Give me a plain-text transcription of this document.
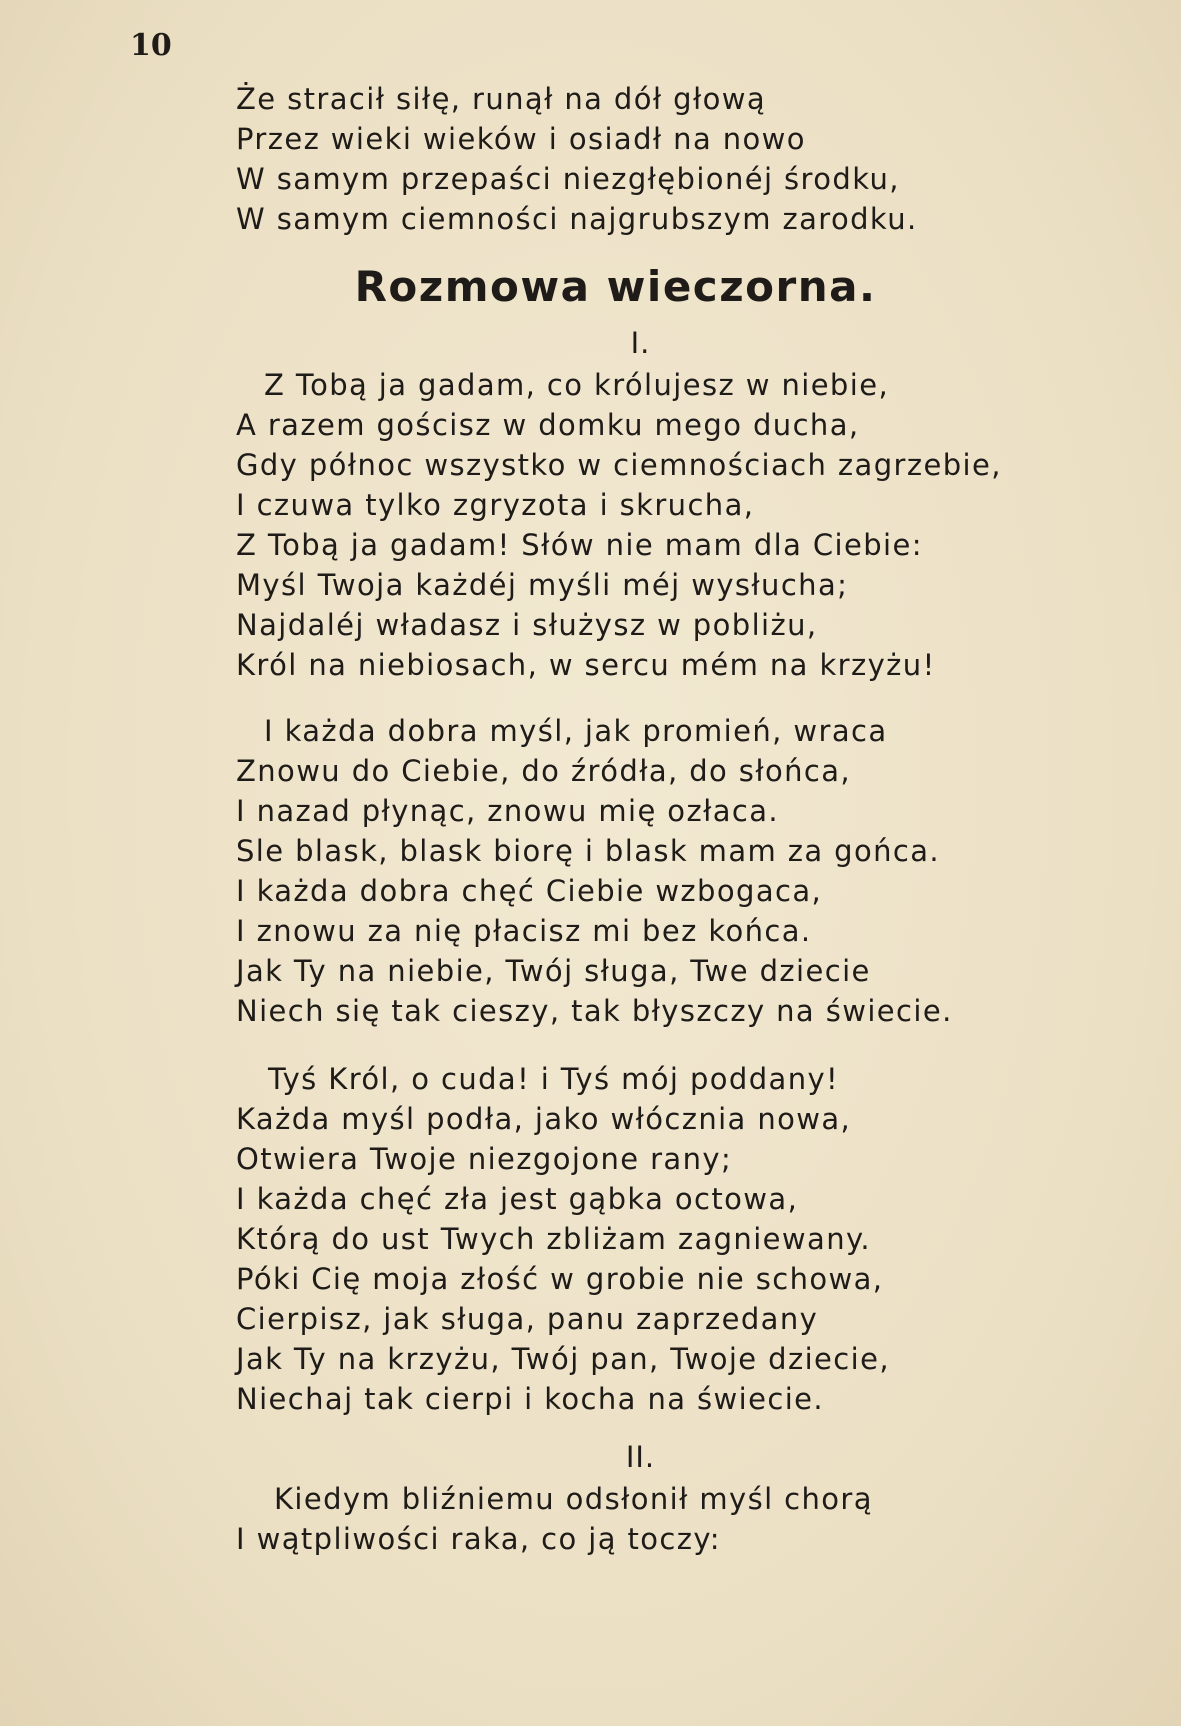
10
Że stracił siłę, runął na dół głową
Przez wieki wieków i osiadł na nowo
W samym przepaści niezgłębionéj środku,
W samym ciemności najgrubszym zarodku.
Rozmowa wieczorna.
I.
Z Tobą ja gadam, co królujesz w niebie,
A razem gościsz w domku mego ducha,
Gdy północ wszystko w ciemnościach zagrzebie,
I czuwa tylko zgryzota i skrucha,
Z Tobą ja gadam! Słów nie mam dla Ciebie:
Myśl Twoja każdéj myśli méj wysłucha;
Najdaléj władasz i służysz w pobliżu,
Król na niebiosach, w sercu mém na krzyżu!
I każda dobra myśl, jak promień, wraca
Znowu do Ciebie, do źródła, do słońca,
I nazad płynąc, znowu mię ozłaca.
Sle blask, blask biorę i blask mam za gońca.
I każda dobra chęć Ciebie wzbogaca,
I znowu za nię płacisz mi bez końca.
Jak Ty na niebie, Twój sługa, Twe dziecie
Niech się tak cieszy, tak błyszczy na świecie.
Tyś Król, o cuda! i Tyś mój poddany!
Każda myśl podła, jako włócznia nowa,
Otwiera Twoje niezgojone rany;
I każda chęć zła jest gąbka octowa,
Którą do ust Twych zbliżam zagniewany.
Póki Cię moja złość w grobie nie schowa,
Cierpisz, jak sługa, panu zaprzedany
Jak Ty na krzyżu, Twój pan, Twoje dziecie,
Niechaj tak cierpi i kocha na świecie.
II.
Kiedym bliźniemu odsłonił myśl chorą
I wątpliwości raka, co ją toczy:
